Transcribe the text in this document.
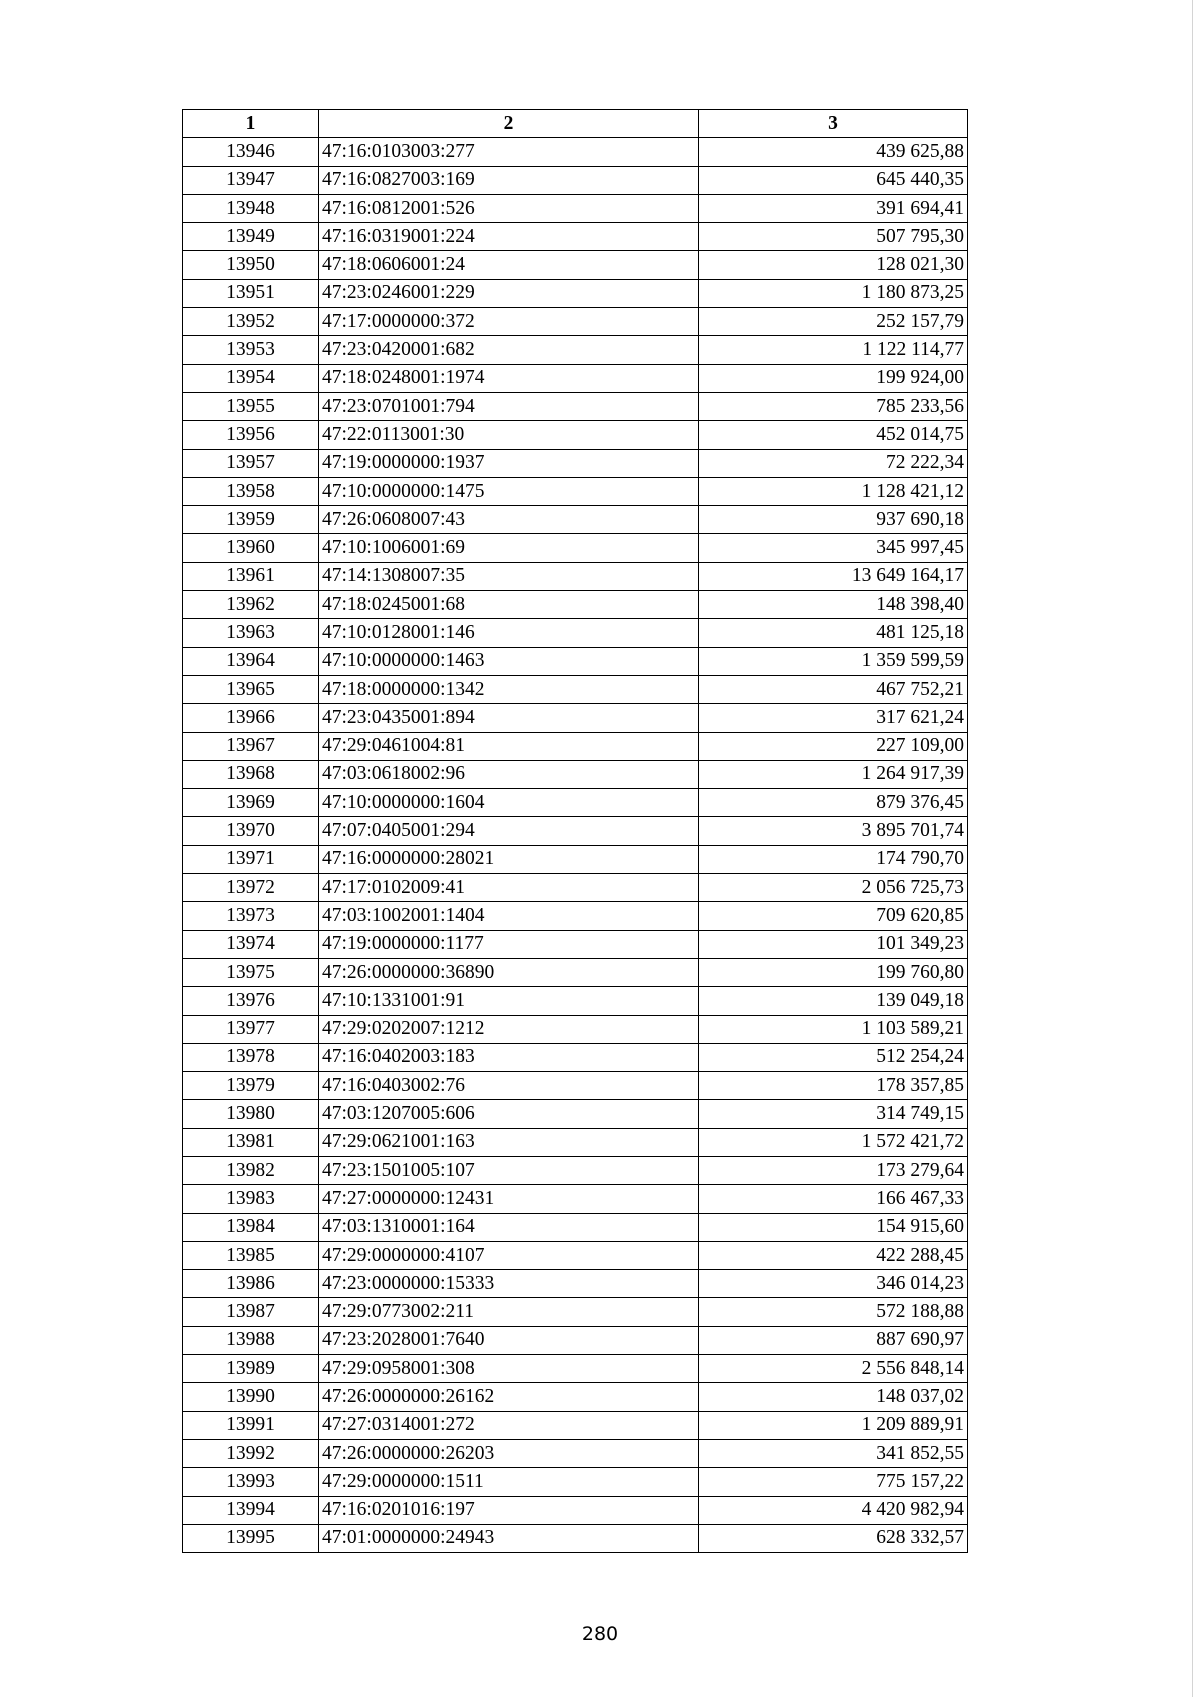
1	2	3
13946	47:16:0103003:277	439 625,88
13947	47:16:0827003:169	645 440,35
13948	47:16:0812001:526	391 694,41
13949	47:16:0319001:224	507 795,30
13950	47:18:0606001:24	128 021,30
13951	47:23:0246001:229	1 180 873,25
13952	47:17:0000000:372	252 157,79
13953	47:23:0420001:682	1 122 114,77
13954	47:18:0248001:1974	199 924,00
13955	47:23:0701001:794	785 233,56
13956	47:22:0113001:30	452 014,75
13957	47:19:0000000:1937	72 222,34
13958	47:10:0000000:1475	1 128 421,12
13959	47:26:0608007:43	937 690,18
13960	47:10:1006001:69	345 997,45
13961	47:14:1308007:35	13 649 164,17
13962	47:18:0245001:68	148 398,40
13963	47:10:0128001:146	481 125,18
13964	47:10:0000000:1463	1 359 599,59
13965	47:18:0000000:1342	467 752,21
13966	47:23:0435001:894	317 621,24
13967	47:29:0461004:81	227 109,00
13968	47:03:0618002:96	1 264 917,39
13969	47:10:0000000:1604	879 376,45
13970	47:07:0405001:294	3 895 701,74
13971	47:16:0000000:28021	174 790,70
13972	47:17:0102009:41	2 056 725,73
13973	47:03:1002001:1404	709 620,85
13974	47:19:0000000:1177	101 349,23
13975	47:26:0000000:36890	199 760,80
13976	47:10:1331001:91	139 049,18
13977	47:29:0202007:1212	1 103 589,21
13978	47:16:0402003:183	512 254,24
13979	47:16:0403002:76	178 357,85
13980	47:03:1207005:606	314 749,15
13981	47:29:0621001:163	1 572 421,72
13982	47:23:1501005:107	173 279,64
13983	47:27:0000000:12431	166 467,33
13984	47:03:1310001:164	154 915,60
13985	47:29:0000000:4107	422 288,45
13986	47:23:0000000:15333	346 014,23
13987	47:29:0773002:211	572 188,88
13988	47:23:2028001:7640	887 690,97
13989	47:29:0958001:308	2 556 848,14
13990	47:26:0000000:26162	148 037,02
13991	47:27:0314001:272	1 209 889,91
13992	47:26:0000000:26203	341 852,55
13993	47:29:0000000:1511	775 157,22
13994	47:16:0201016:197	4 420 982,94
13995	47:01:0000000:24943	628 332,57
280
